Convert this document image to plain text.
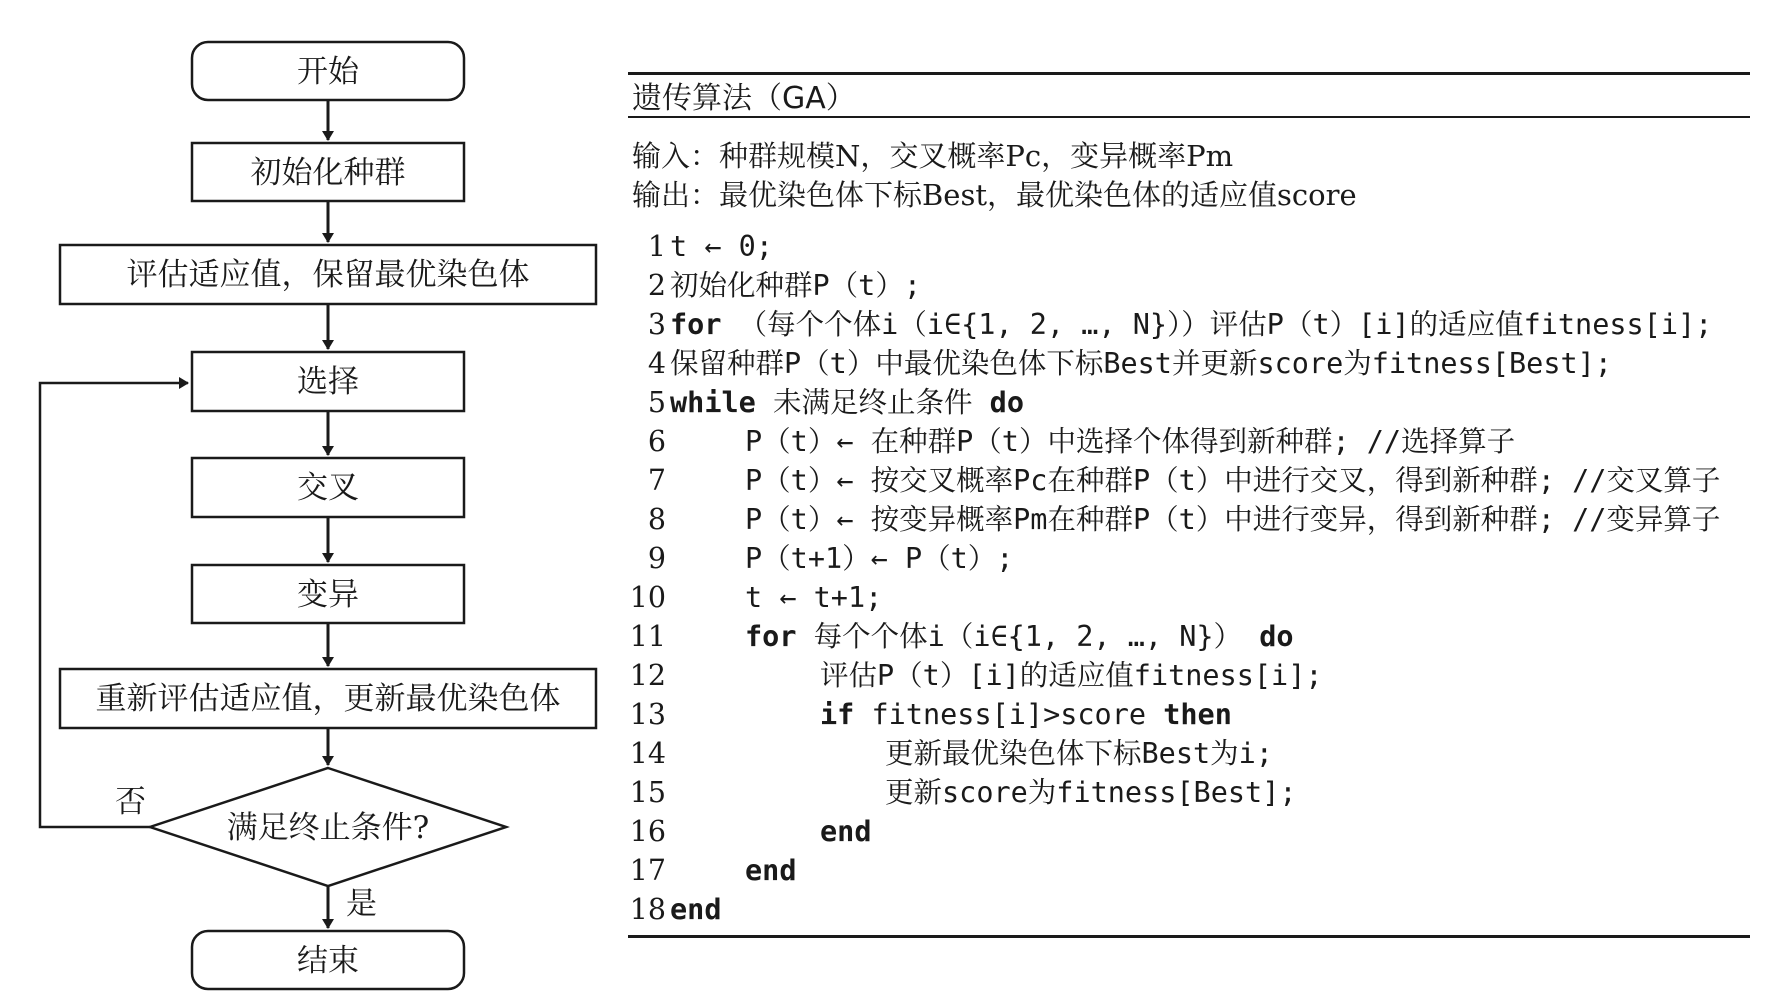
开始
初始化种群
评估适应值，保留最优染色体
选择
交叉
变异
重新评估适应值，更新最优染色体
满足终止条件?
否
是
结束
遗传算法（GA）
输入：种群规模N，交叉概率Pc，变异概率Pm
输出：最优染色体下标Best，最优染色体的适应值score
1 t ← 0;
2 初始化种群P（t）;
3 for （每个个体i（i∈{1, 2, …, N}））评估P（t）[i]的适应值fitness[i];
4 保留种群P（t）中最优染色体下标Best并更新score为fitness[Best];
5 while 未满足终止条件 do
6	P（t）← 在种群P（t）中选择个体得到新种群; //选择算子
7	P（t）← 按交叉概率Pc在种群P（t）中进行交叉，得到新种群; //交叉算子
8	P（t）← 按变异概率Pm在种群P（t）中进行变异，得到新种群; //变异算子
9	P（t+1）← P（t）;
10	t ← t+1;
11	for 每个个体i（i∈{1, 2, …, N}） do
12	评估P（t）[i]的适应值fitness[i];
13	if fitness[i]>score then
14	更新最优染色体下标Best为i;
15	更新score为fitness[Best];
16	end
17	end
18 end
